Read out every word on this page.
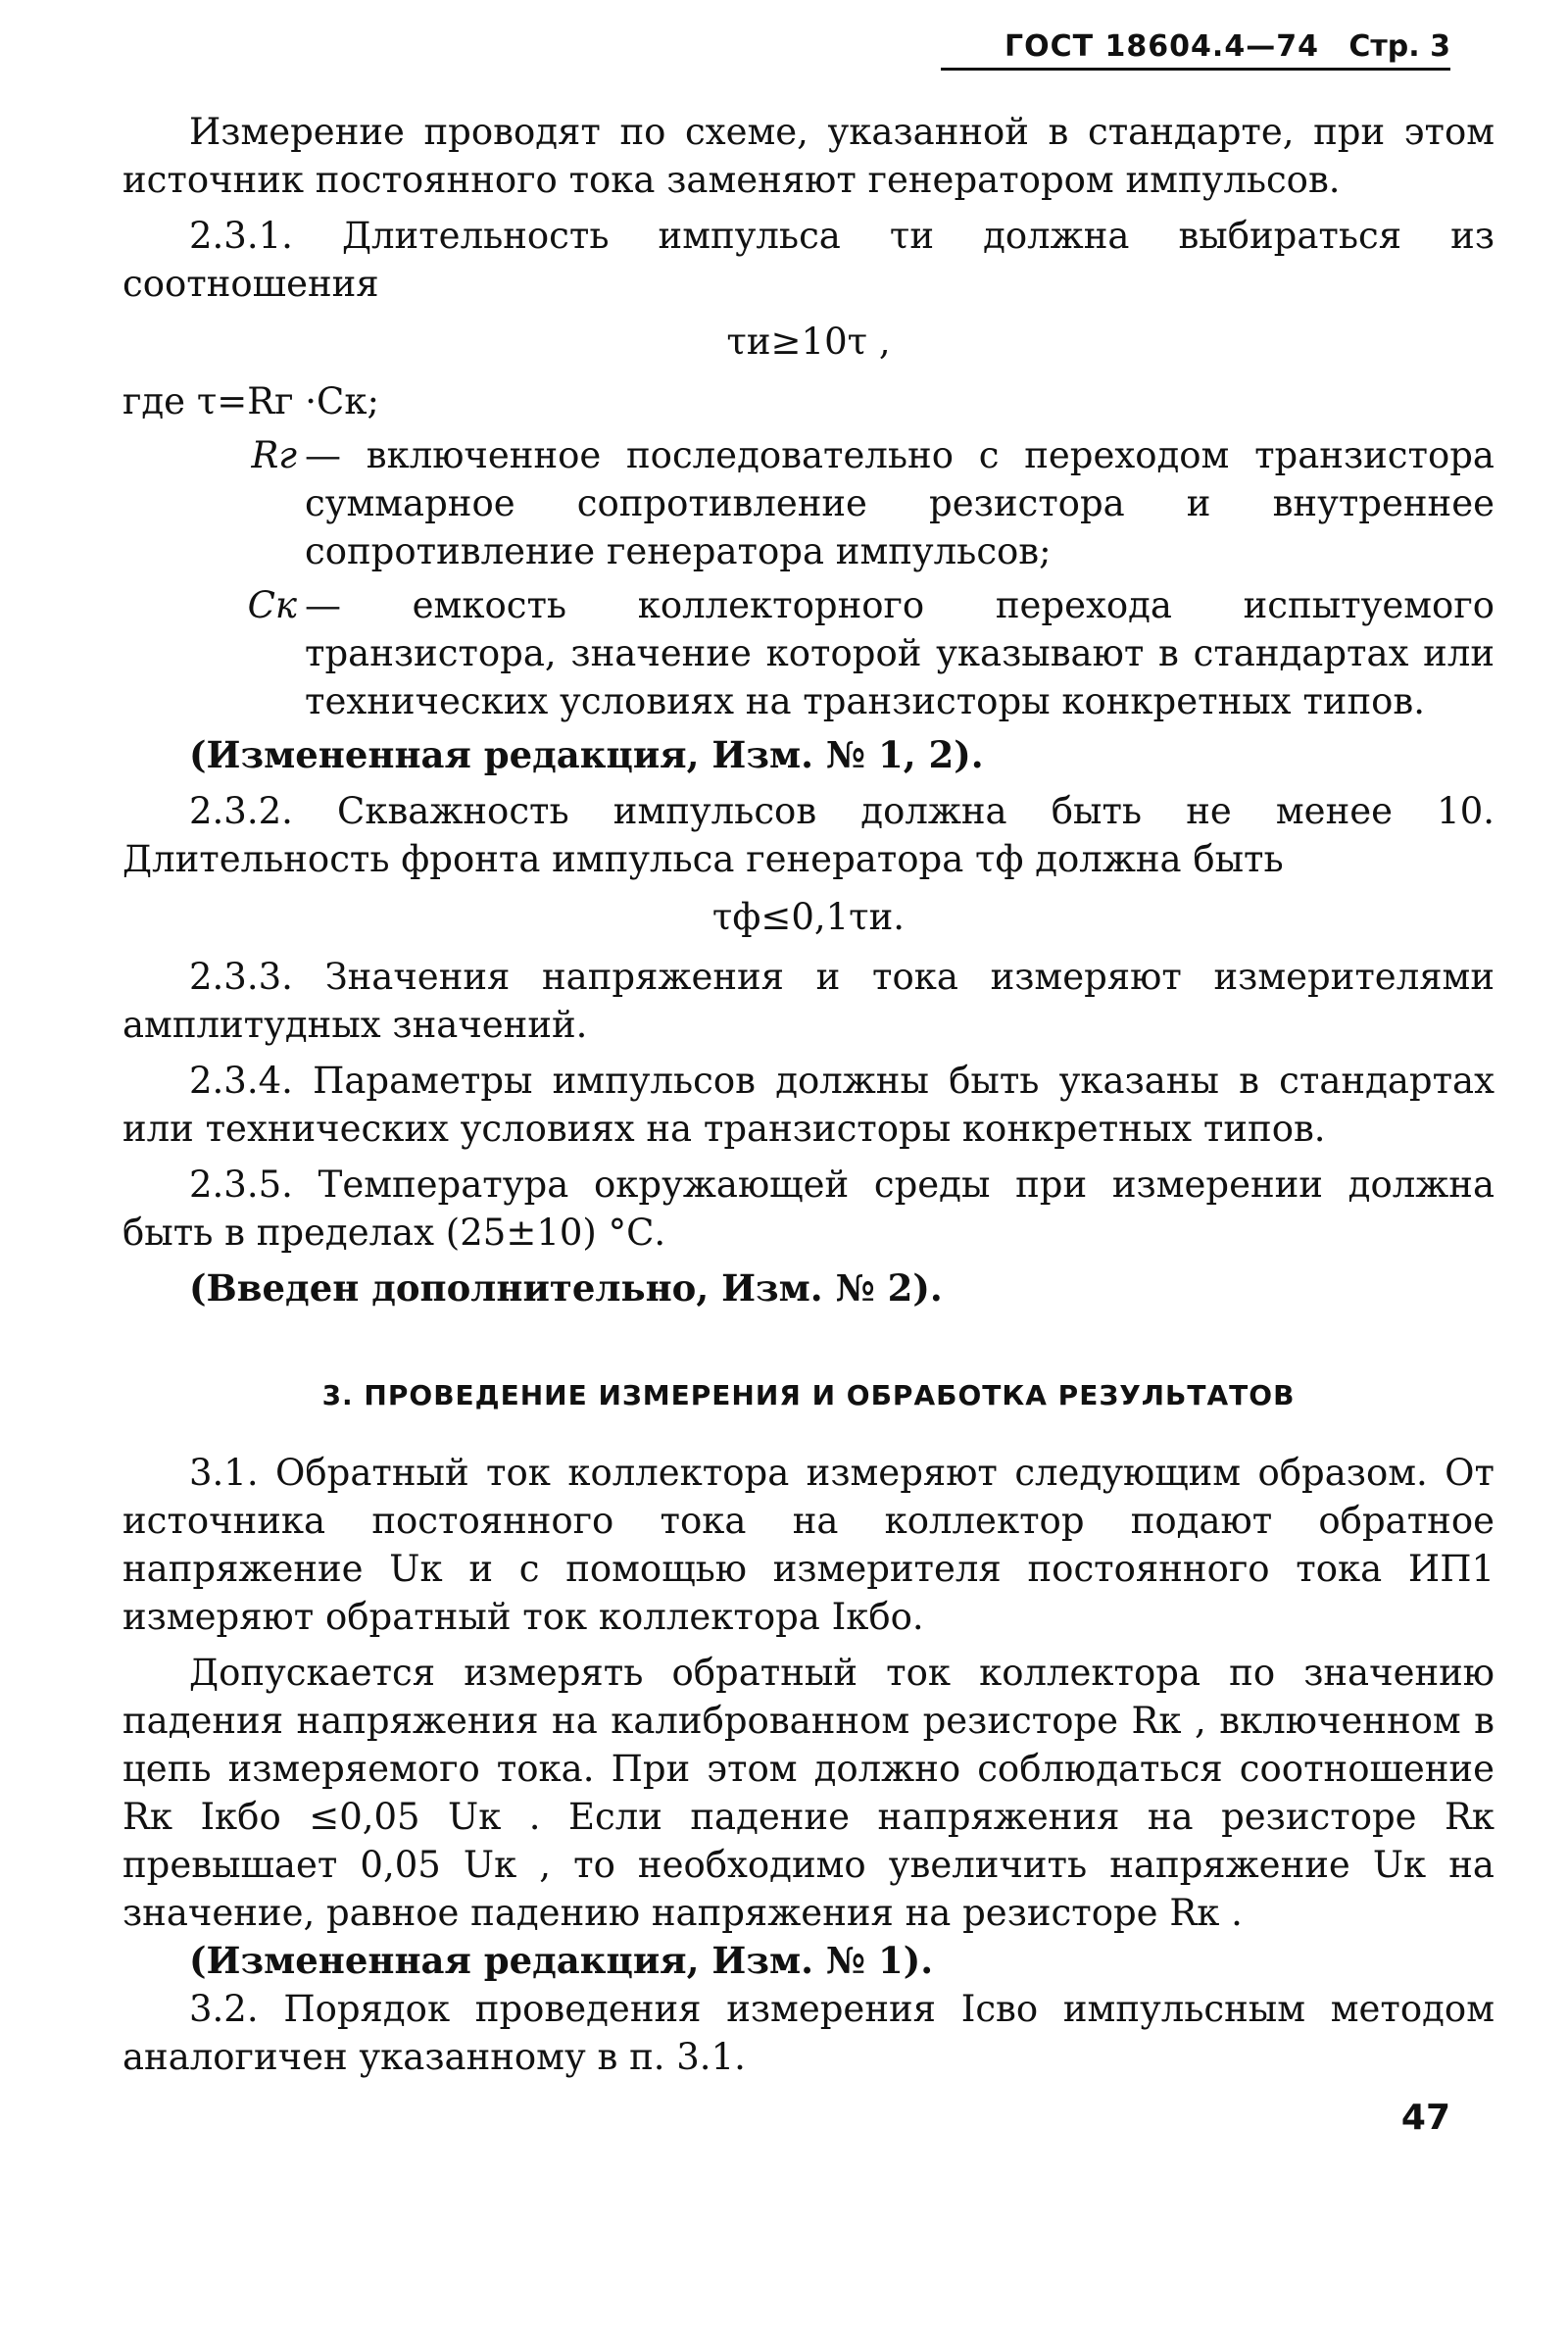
ГОСТ 18604.4—74 Стр. 3

Измерение проводят по схеме, указанной в стандарте, при этом источник постоянного тока заменяют генератором импульсов.

2.3.1. Длительность импульса τи должна выбираться из соотношения

τи≥10τ ,

где τ=Rг ·Cк;

Rг — включенное последовательно с переходом транзистора суммарное сопротивление резистора и внутреннее сопротивление генератора импульсов;
Cк — емкость коллекторного перехода испытуемого транзистора, значение которой указывают в стандартах или технических условиях на транзисторы конкретных типов.

(Измененная редакция, Изм. № 1, 2).

2.3.2. Скважность импульсов должна быть не менее 10. Длительность фронта импульса генератора τф должна быть

τф≤0,1τи.

2.3.3. Значения напряжения и тока измеряют измерителями амплитудных значений.

2.3.4. Параметры импульсов должны быть указаны в стандартах или технических условиях на транзисторы конкретных типов.

2.3.5. Температура окружающей среды при измерении должна быть в пределах (25±10) °С.

(Введен дополнительно, Изм. № 2).

3. ПРОВЕДЕНИЕ ИЗМЕРЕНИЯ И ОБРАБОТКА РЕЗУЛЬТАТОВ

3.1. Обратный ток коллектора измеряют следующим образом. От источника постоянного тока на коллектор подают обратное напряжение Uк и с помощью измерителя постоянного тока ИП1 измеряют обратный ток коллектора Iкбо.

Допускается измерять обратный ток коллектора по значению падения напряжения на калиброванном резисторе Rк , включенном в цепь измеряемого тока. При этом должно соблюдаться соотношение Rк Iкбо ≤0,05 Uк . Если падение напряжения на резисторе Rк превышает 0,05 Uк , то необходимо увеличить напряжение Uк на значение, равное падению напряжения на резисторе Rк .

(Измененная редакция, Изм. № 1).

3.2. Порядок проведения измерения Iсво импульсным методом аналогичен указанному в п. 3.1.

47
